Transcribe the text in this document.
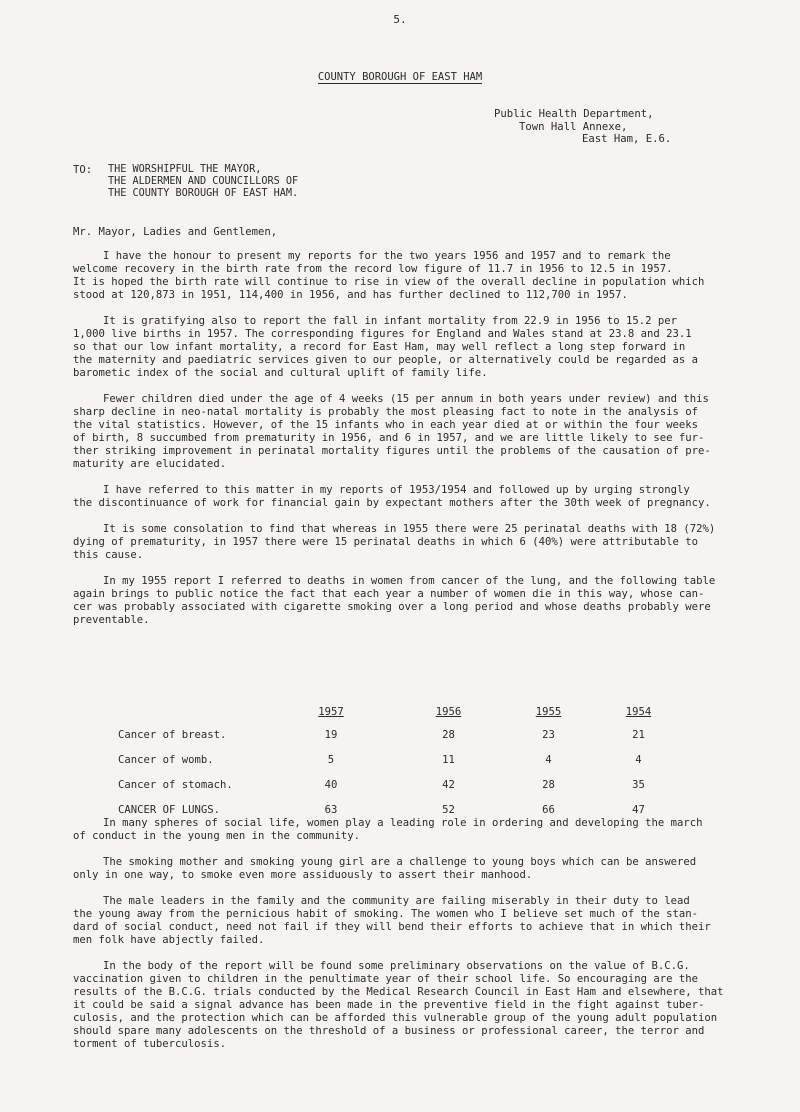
5.
COUNTY BOROUGH OF EAST HAM
Public Health Department,
Town Hall Annexe,
East Ham, E.6.
TO: THE WORSHIPFUL THE MAYOR,
THE ALDERMEN AND COUNCILLORS OF
THE COUNTY BOROUGH OF EAST HAM.
Mr. Mayor, Ladies and Gentlemen,
I have the honour to present my reports for the two years 1956 and 1957 and to remark the
welcome recovery in the birth rate from the record low figure of 11.7 in 1956 to 12.5 in 1957.
It is hoped the birth rate will continue to rise in view of the overall decline in population which
stood at 120,873 in 1951, 114,400 in 1956, and has further declined to 112,700 in 1957.
It is gratifying also to report the fall in infant mortality from 22.9 in 1956 to 15.2 per
1,000 live births in 1957. The corresponding figures for England and Wales stand at 23.8 and 23.1
so that our low infant mortality, a record for East Ham, may well reflect a long step forward in
the maternity and paediatric services given to our people, or alternatively could be regarded as a
barometic index of the social and cultural uplift of family life.
Fewer children died under the age of 4 weeks (15 per annum in both years under review) and this
sharp decline in neo-natal mortality is probably the most pleasing fact to note in the analysis of
the vital statistics. However, of the 15 infants who in each year died at or within the four weeks
of birth, 8 succumbed from prematurity in 1956, and 6 in 1957, and we are little likely to see fur-
ther striking improvement in perinatal mortality figures until the problems of the causation of pre-
maturity are elucidated.
I have referred to this matter in my reports of 1953/1954 and followed up by urging strongly
the discontinuance of work for financial gain by expectant mothers after the 30th week of pregnancy.
It is some consolation to find that whereas in 1955 there were 25 perinatal deaths with 18 (72%)
dying of prematurity, in 1957 there were 15 perinatal deaths in which 6 (40%) were attributable to
this cause.
In my 1955 report I referred to deaths in women from cancer of the lung, and the following table
again brings to public notice the fact that each year a number of women die in this way, whose can-
cer was probably associated with cigarette smoking over a long period and whose deaths probably were
preventable.
	1957	1956	1955	1954
Cancer of breast.	19	28	23	21
Cancer of womb.	5	11	4	4
Cancer of stomach.	40	42	28	35
CANCER OF LUNGS.	63	52	66	47
In many spheres of social life, women play a leading role in ordering and developing the march
of conduct in the young men in the community.
The smoking mother and smoking young girl are a challenge to young boys which can be answered
only in one way, to smoke even more assiduously to assert their manhood.
The male leaders in the family and the community are failing miserably in their duty to lead
the young away from the pernicious habit of smoking. The women who I believe set much of the stan-
dard of social conduct, need not fail if they will bend their efforts to achieve that in which their
men folk have abjectly failed.
In the body of the report will be found some preliminary observations on the value of B.C.G.
vaccination given to children in the penultimate year of their school life. So encouraging are the
results of the B.C.G. trials conducted by the Medical Research Council in East Ham and elsewhere, that
it could be said a signal advance has been made in the preventive field in the fight against tuber-
culosis, and the protection which can be afforded this vulnerable group of the young adult population
should spare many adolescents on the threshold of a business or professional career, the terror and
torment of tuberculosis.
